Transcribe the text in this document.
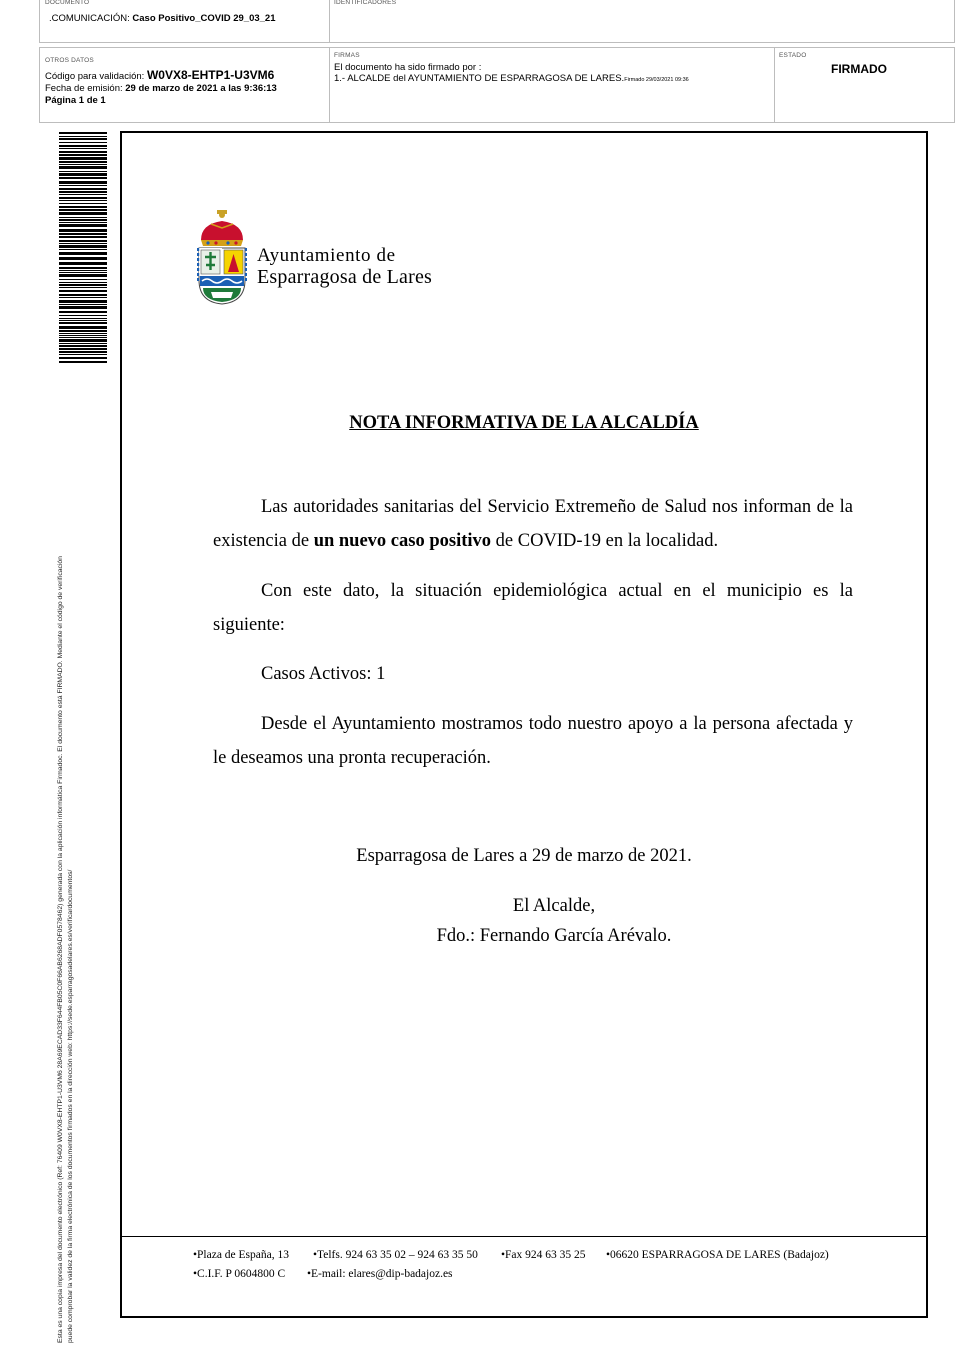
DOCUMENTO
.COMUNICACIÓN: Caso Positivo_COVID 29_03_21
IDENTIFICADORES
OTROS DATOS
Código para validación: W0VX8-EHTP1-U3VM6
Fecha de emisión: 29 de marzo de 2021 a las 9:36:13
Página 1 de 1
FIRMAS
El documento ha sido firmado por :
1.- ALCALDE del AYUNTAMIENTO DE ESPARRAGOSA DE LARES.Firmado 29/03/2021 09:36
ESTADO
FIRMADO
Esta es una copia impresa del documento electrónico (Ref: 76409 W0VX8-EHTP1-U3VM6 28A69ECAD33F644FB05C0F66AB6268ADF0578462) generada con la aplicación informática Firmadoc. El documento está FIRMADO. Mediante el código de verificación puede comprobar la validez de la firma electrónica de los documentos firmados en la dirección web: https://sede.esparragosadelares.es/verificardocumentos/
Ayuntamiento de
Esparragosa de Lares
NOTA INFORMATIVA DE LA ALCALDÍA
Las autoridades sanitarias del Servicio Extremeño de Salud nos informan de la existencia de un nuevo caso positivo de COVID-19 en la localidad.
Con este dato, la situación epidemiológica actual en el municipio es la siguiente:
Casos Activos: 1
Desde el Ayuntamiento mostramos todo nuestro apoyo a la persona afectada y le deseamos una pronta recuperación.
Esparragosa de Lares a 29 de marzo de 2021.
El Alcalde,
Fdo.: Fernando García Arévalo.
•Plaza de España, 13 •Telfs. 924 63 35 02 – 924 63 35 50 •Fax 924 63 35 25 •06620 ESPARRAGOSA DE LARES (Badajoz)
•C.I.F. P 0604800 C •E-mail: elares@dip-badajoz.es
